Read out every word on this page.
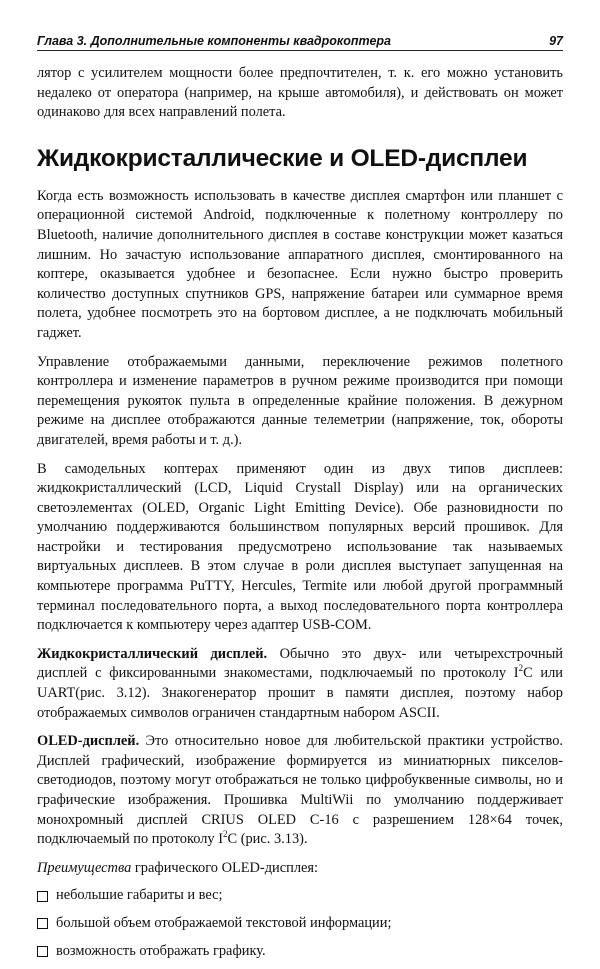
Глава 3. Дополнительные компоненты квадрокоптера	97

лятор с усилителем мощности более предпочтителен, т. к. его можно установить недалеко от оператора (например, на крыше автомобиля), и действовать он может одинаково для всех направлений полета.

Жидкокристаллические и OLED-дисплеи

Когда есть возможность использовать в качестве дисплея смартфон или планшет с операционной системой Android, подключенные к полетному контроллеру по Bluetooth, наличие дополнительного дисплея в составе конструкции может казаться лишним. Но зачастую использование аппаратного дисплея, смонтированного на коптере, оказывается удобнее и безопаснее. Если нужно быстро проверить количество доступных спутников GPS, напряжение батареи или суммарное время полета, удобнее посмотреть это на бортовом дисплее, а не подключать мобильный гаджет.

Управление отображаемыми данными, переключение режимов полетного контроллера и изменение параметров в ручном режиме производится при помощи перемещения рукояток пульта в определенные крайние положения. В дежурном режиме на дисплее отображаются данные телеметрии (напряжение, ток, обороты двигателей, время работы и т. д.).

В самодельных коптерах применяют один из двух типов дисплеев: жидкокристаллический (LCD, Liquid Crystall Display) или на органических светоэлементах (OLED, Organic Light Emitting Device). Обе разновидности по умолчанию поддерживаются большинством популярных версий прошивок. Для настройки и тестирования предусмотрено использование так называемых виртуальных дисплеев. В этом случае в роли дисплея выступает запущенная на компьютере программа PuTTY, Hercules, Termite или любой другой программный терминал последовательного порта, а выход последовательного порта контроллера подключается к компьютеру через адаптер USB-COM.

Жидкокристаллический дисплей. Обычно это двух- или четырехстрочный дисплей с фиксированными знакоместами, подключаемый по протоколу $I^2C$ или UART(рис. 3.12). Знакогенератор прошит в памяти дисплея, поэтому набор отображаемых символов ограничен стандартным набором ASCII.

OLED-дисплей. Это относительно новое для любительской практики устройство. Дисплей графический, изображение формируется из миниатюрных пикселов-светодиодов, поэтому могут отображаться не только цифробуквенные символы, но и графические изображения. Прошивка MultiWii по умолчанию поддерживает монохромный дисплей CRIUS OLED C-16 с разрешением 128×64 точек, подключаемый по протоколу $I^2C$ (рис. 3.13).

Преимущества графического OLED-дисплея:

небольшие габариты и вес;
большой объем отображаемой текстовой информации;
возможность отображать графику.
